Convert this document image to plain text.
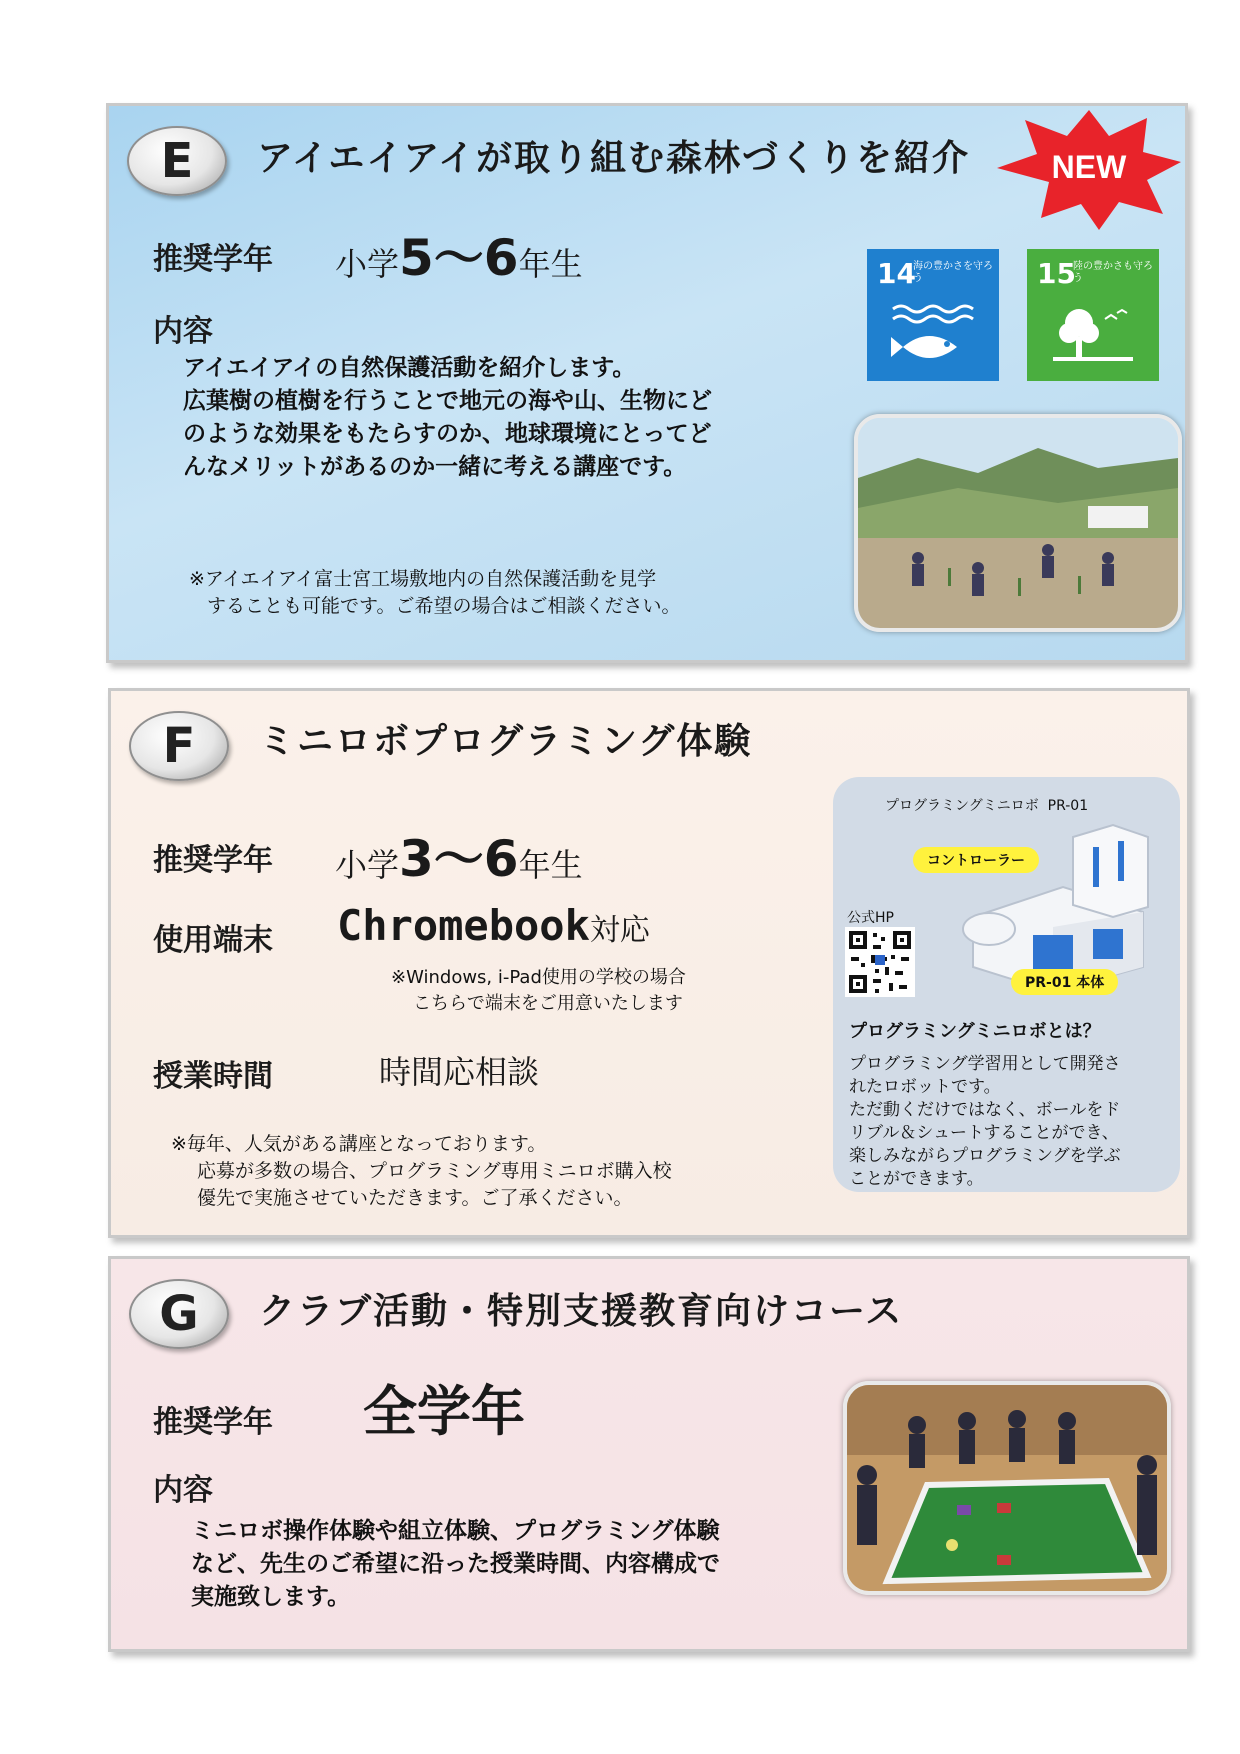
E	アイエイアイが取り組む森林づくりを紹介	NEW
推奨学年 小学5〜6年生
内容
アイエイアイの自然保護活動を紹介します。
広葉樹の植樹を行うことで地元の海や山、生物にど
のような効果をもたらすのか、地球環境にとってど
んなメリットがあるのか一緒に考える講座です。
※アイエイアイ富士宮工場敷地内の自然保護活動を見学
することも可能です。ご希望の場合はご相談ください。
14
海の豊かさを守ろう	15
陸の豊かさも守ろう
F	ミニロボプログラミング体験
推奨学年 小学3〜6年生
使用端末 Chromebook対応
※Windows, i-Pad使用の学校の場合
こちらで端末をご用意いたします
授業時間	時間応相談
※毎年、人気がある講座となっております。
応募が多数の場合、プログラミング専用ミニロボ購入校
優先で実施させていただきます。ご了承ください。
プログラミングミニロボ PR-01
コントローラー
公式HP
PR-01 本体
プログラミングミニロボとは？
プログラミング学習用として開発さ
れたロボットです。
ただ動くだけではなく、ボールをド
リブル＆シュートすることができ、
楽しみながらプログラミングを学ぶ
ことができます。
G	クラブ活動・特別支援教育向けコース
推奨学年 全学年
内容
ミニロボ操作体験や組立体験、プログラミング体験
など、先生のご希望に沿った授業時間、内容構成で
実施致します。
